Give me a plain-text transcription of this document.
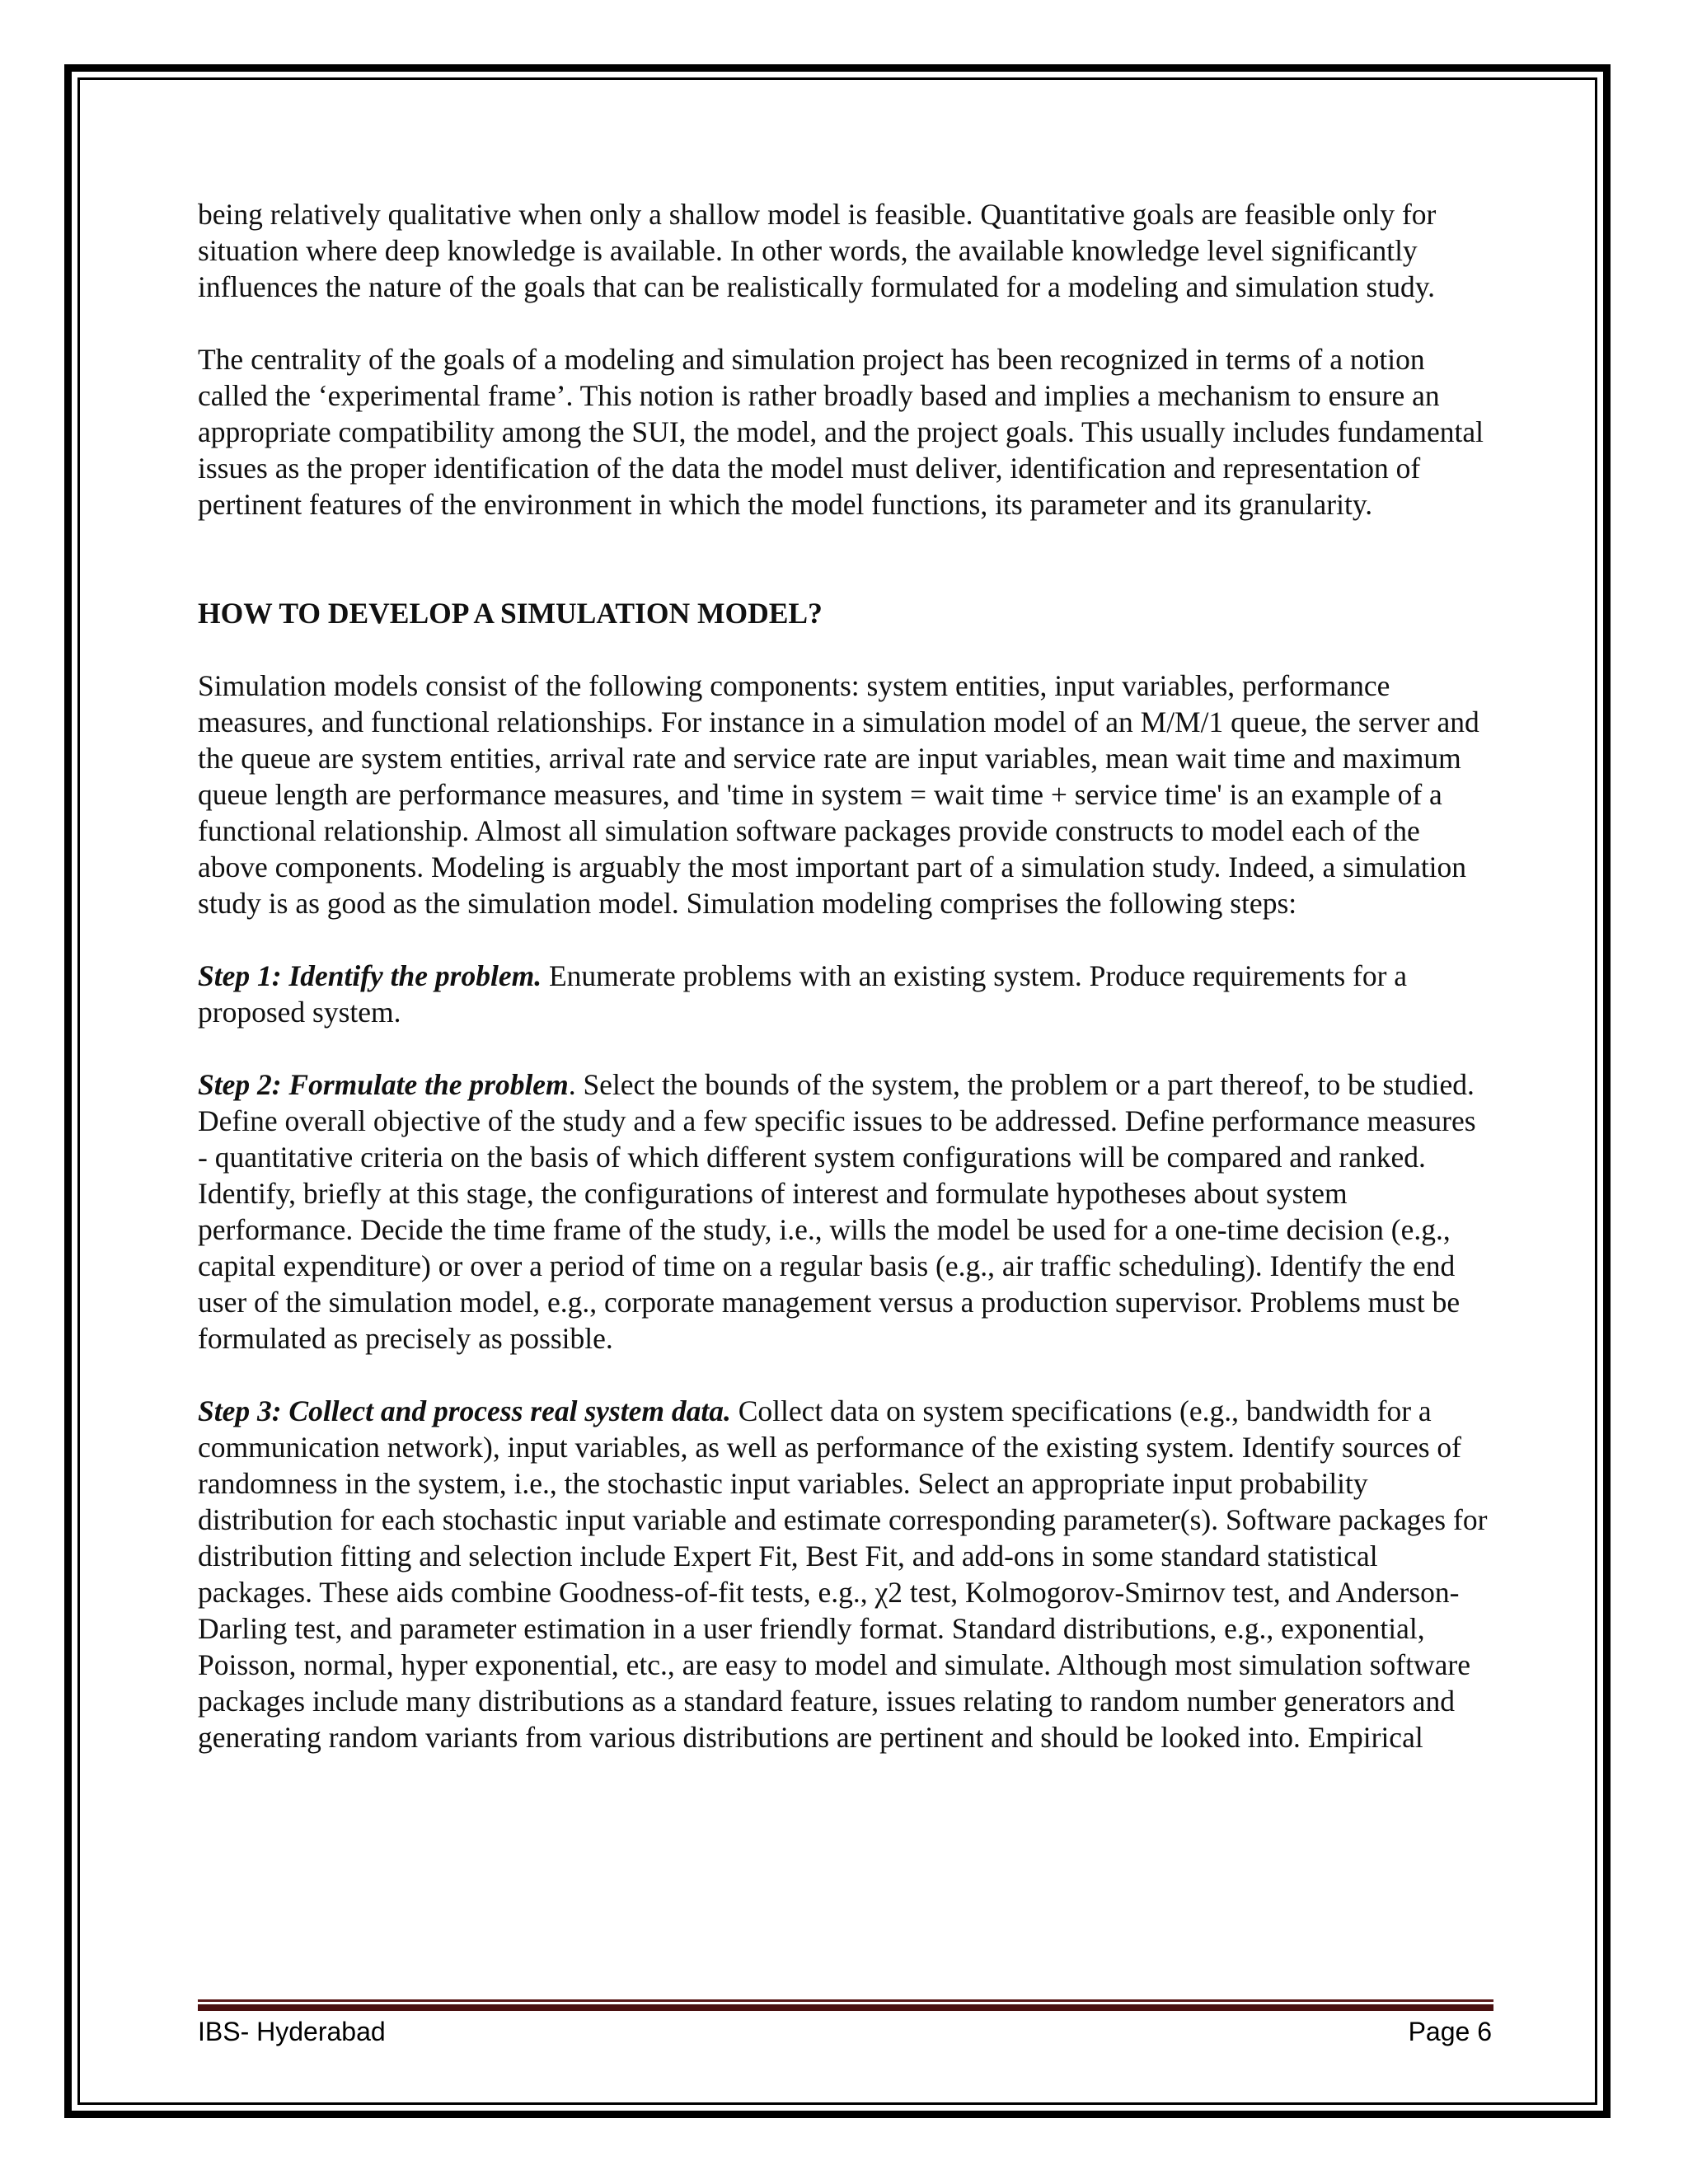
being relatively qualitative when only a shallow model is feasible. Quantitative goals are feasible only for situation where deep knowledge is available. In other words, the available knowledge level significantly influences the nature of the goals that can be realistically formulated for a modeling and simulation study.

The centrality of the goals of a modeling and simulation project has been recognized in terms of a notion called the ‘experimental frame’. This notion is rather broadly based and implies a mechanism to ensure an appropriate compatibility among the SUI, the model, and the project goals. This usually includes fundamental issues as the proper identification of the data the model must deliver, identification and representation of pertinent features of the environment in which the model functions, its parameter and its granularity.

HOW TO DEVELOP A SIMULATION MODEL?

Simulation models consist of the following components: system entities, input variables, performance measures, and functional relationships. For instance in a simulation model of an M/M/1 queue, the server and the queue are system entities, arrival rate and service rate are input variables, mean wait time and maximum queue length are performance measures, and 'time in system = wait time + service time' is an example of a functional relationship. Almost all simulation software packages provide constructs to model each of the above components. Modeling is arguably the most important part of a simulation study. Indeed, a simulation study is as good as the simulation model. Simulation modeling comprises the following steps:

Step 1: Identify the problem. Enumerate problems with an existing system. Produce requirements for a proposed system.

Step 2: Formulate the problem. Select the bounds of the system, the problem or a part thereof, to be studied. Define overall objective of the study and a few specific issues to be addressed. Define performance measures - quantitative criteria on the basis of which different system configurations will be compared and ranked. Identify, briefly at this stage, the configurations of interest and formulate hypotheses about system performance. Decide the time frame of the study, i.e., wills the model be used for a one-time decision (e.g., capital expenditure) or over a period of time on a regular basis (e.g., air traffic scheduling). Identify the end user of the simulation model, e.g., corporate management versus a production supervisor. Problems must be formulated as precisely as possible.

Step 3: Collect and process real system data. Collect data on system specifications (e.g., bandwidth for a communication network), input variables, as well as performance of the existing system. Identify sources of randomness in the system, i.e., the stochastic input variables. Select an appropriate input probability distribution for each stochastic input variable and estimate corresponding parameter(s). Software packages for distribution fitting and selection include Expert Fit, Best Fit, and add-ons in some standard statistical packages. These aids combine Goodness-of-fit tests, e.g., χ2 test, Kolmogorov-Smirnov test, and Anderson-Darling test, and parameter estimation in a user friendly format. Standard distributions, e.g., exponential, Poisson, normal, hyper exponential, etc., are easy to model and simulate. Although most simulation software packages include many distributions as a standard feature, issues relating to random number generators and generating random variants from various distributions are pertinent and should be looked into. Empirical

IBS- Hyderabad	Page 6
